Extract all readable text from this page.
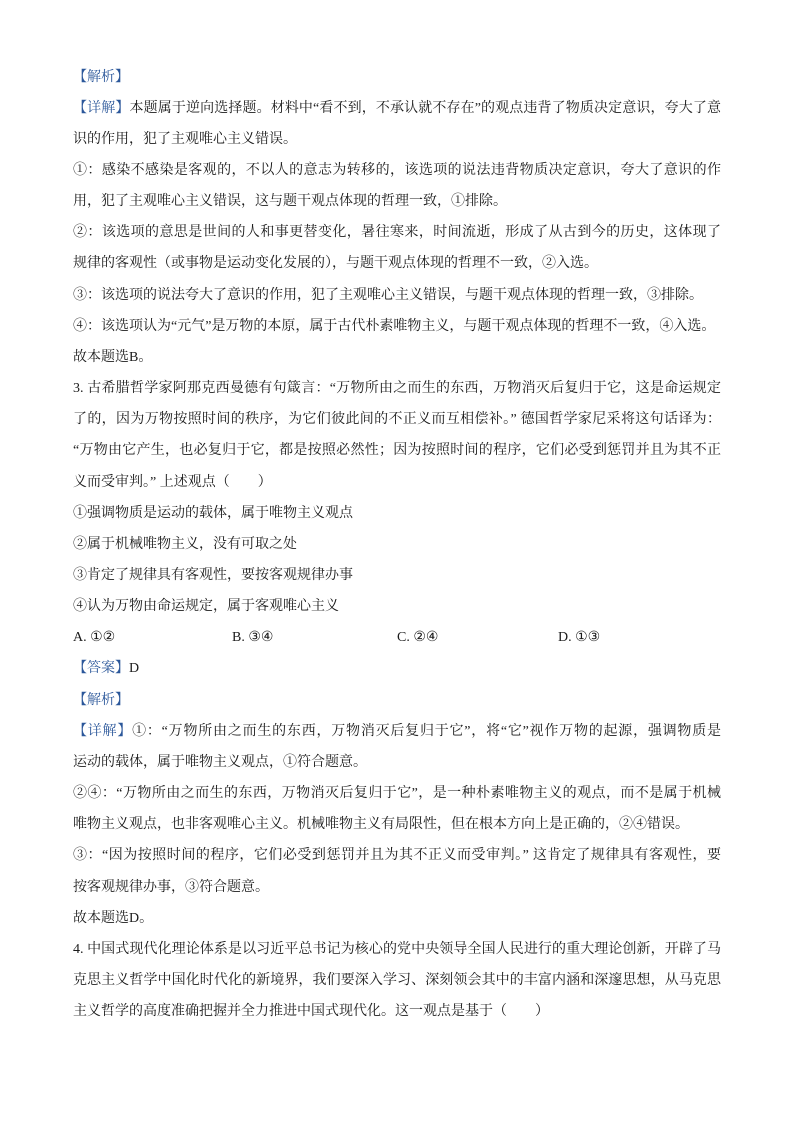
【解析】
【详解】本题属于逆向选择题。材料中“看不到，不承认就不存在”的观点违背了物质决定意识，夸大了意
识的作用，犯了主观唯心主义错误。
①：感染不感染是客观的，不以人的意志为转移的，该选项的说法违背物质决定意识，夸大了意识的作
用，犯了主观唯心主义错误，这与题干观点体现的哲理一致，①排除。
②：该选项的意思是世间的人和事更替变化，暑往寒来，时间流逝，形成了从古到今的历史，这体现了
规律的客观性（或事物是运动变化发展的），与题干观点体现的哲理不一致，②入选。
③：该选项的说法夸大了意识的作用，犯了主观唯心主义错误，与题干观点体现的哲理一致，③排除。
④：该选项认为“元气”是万物的本原，属于古代朴素唯物主义，与题干观点体现的哲理不一致，④入选。
故本题选B。
3. 古希腊哲学家阿那克西曼德有句箴言：“万物所由之而生的东西，万物消灭后复归于它，这是命运规定
了的，因为万物按照时间的秩序，为它们彼此间的不正义而互相偿补。” 德国哲学家尼采将这句话译为：
“万物由它产生，也必复归于它，都是按照必然性；因为按照时间的程序，它们必受到惩罚并且为其不正
义而受审判。” 上述观点（　　）
①强调物质是运动的载体，属于唯物主义观点
②属于机械唯物主义，没有可取之处
③肯定了规律具有客观性，要按客观规律办事
④认为万物由命运规定，属于客观唯心主义
A. ①②	B. ③④	C. ②④	D. ①③
【答案】D
【解析】
【详解】①：“万物所由之而生的东西，万物消灭后复归于它”，将“它”视作万物的起源，强调物质是
运动的载体，属于唯物主义观点，①符合题意。
②④：“万物所由之而生的东西，万物消灭后复归于它”，是一种朴素唯物主义的观点，而不是属于机械
唯物主义观点，也非客观唯心主义。机械唯物主义有局限性，但在根本方向上是正确的，②④错误。
③：“因为按照时间的程序，它们必受到惩罚并且为其不正义而受审判。” 这肯定了规律具有客观性，要
按客观规律办事，③符合题意。
故本题选D。
4. 中国式现代化理论体系是以习近平总书记为核心的党中央领导全国人民进行的重大理论创新，开辟了马
克思主义哲学中国化时代化的新境界，我们要深入学习、深刻领会其中的丰富内涵和深邃思想，从马克思
主义哲学的高度准确把握并全力推进中国式现代化。这一观点是基于（　　）
